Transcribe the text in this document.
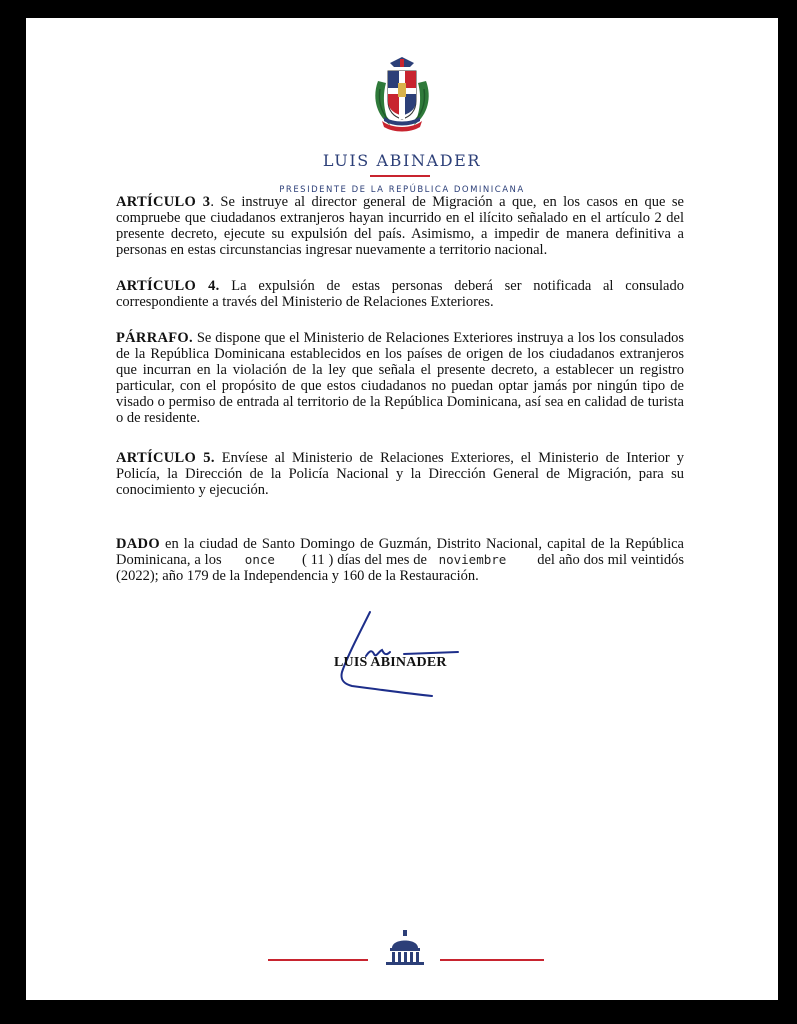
LUIS ABINADER
PRESIDENTE DE LA REPÚBLICA DOMINICANA
ARTÍCULO 3. Se instruye al director general de Migración a que, en los casos en que se compruebe que ciudadanos extranjeros hayan incurrido en el ilícito señalado en el artículo 2 del presente decreto, ejecute su expulsión del país. Asimismo, a impedir de manera definitiva a personas en estas circunstancias ingresar nuevamente a territorio nacional.
ARTÍCULO 4. La expulsión de estas personas deberá ser notificada al consulado correspondiente a través del Ministerio de Relaciones Exteriores.
PÁRRAFO. Se dispone que el Ministerio de Relaciones Exteriores instruya a los los consulados de la República Dominicana establecidos en los países de origen de los ciudadanos extranjeros que incurran en la violación de la ley que señala el presente decreto, a establecer un registro particular, con el propósito de que estos ciudadanos no puedan optar jamás por ningún tipo de visado o permiso de entrada al territorio de la República Dominicana, así sea en calidad de turista o de residente.
ARTÍCULO 5. Envíese al Ministerio de Relaciones Exteriores, el Ministerio de Interior y Policía, la Dirección de la Policía Nacional y la Dirección General de Migración, para su conocimiento y ejecución.
DADO en la ciudad de Santo Domingo de Guzmán, Distrito Nacional, capital de la República Dominicana, a los      once ( 11 ) días del mes de   noviembre        del año dos mil veintidós (2022); año 179 de la Independencia y 160 de la Restauración.
LUIS ABINADER
